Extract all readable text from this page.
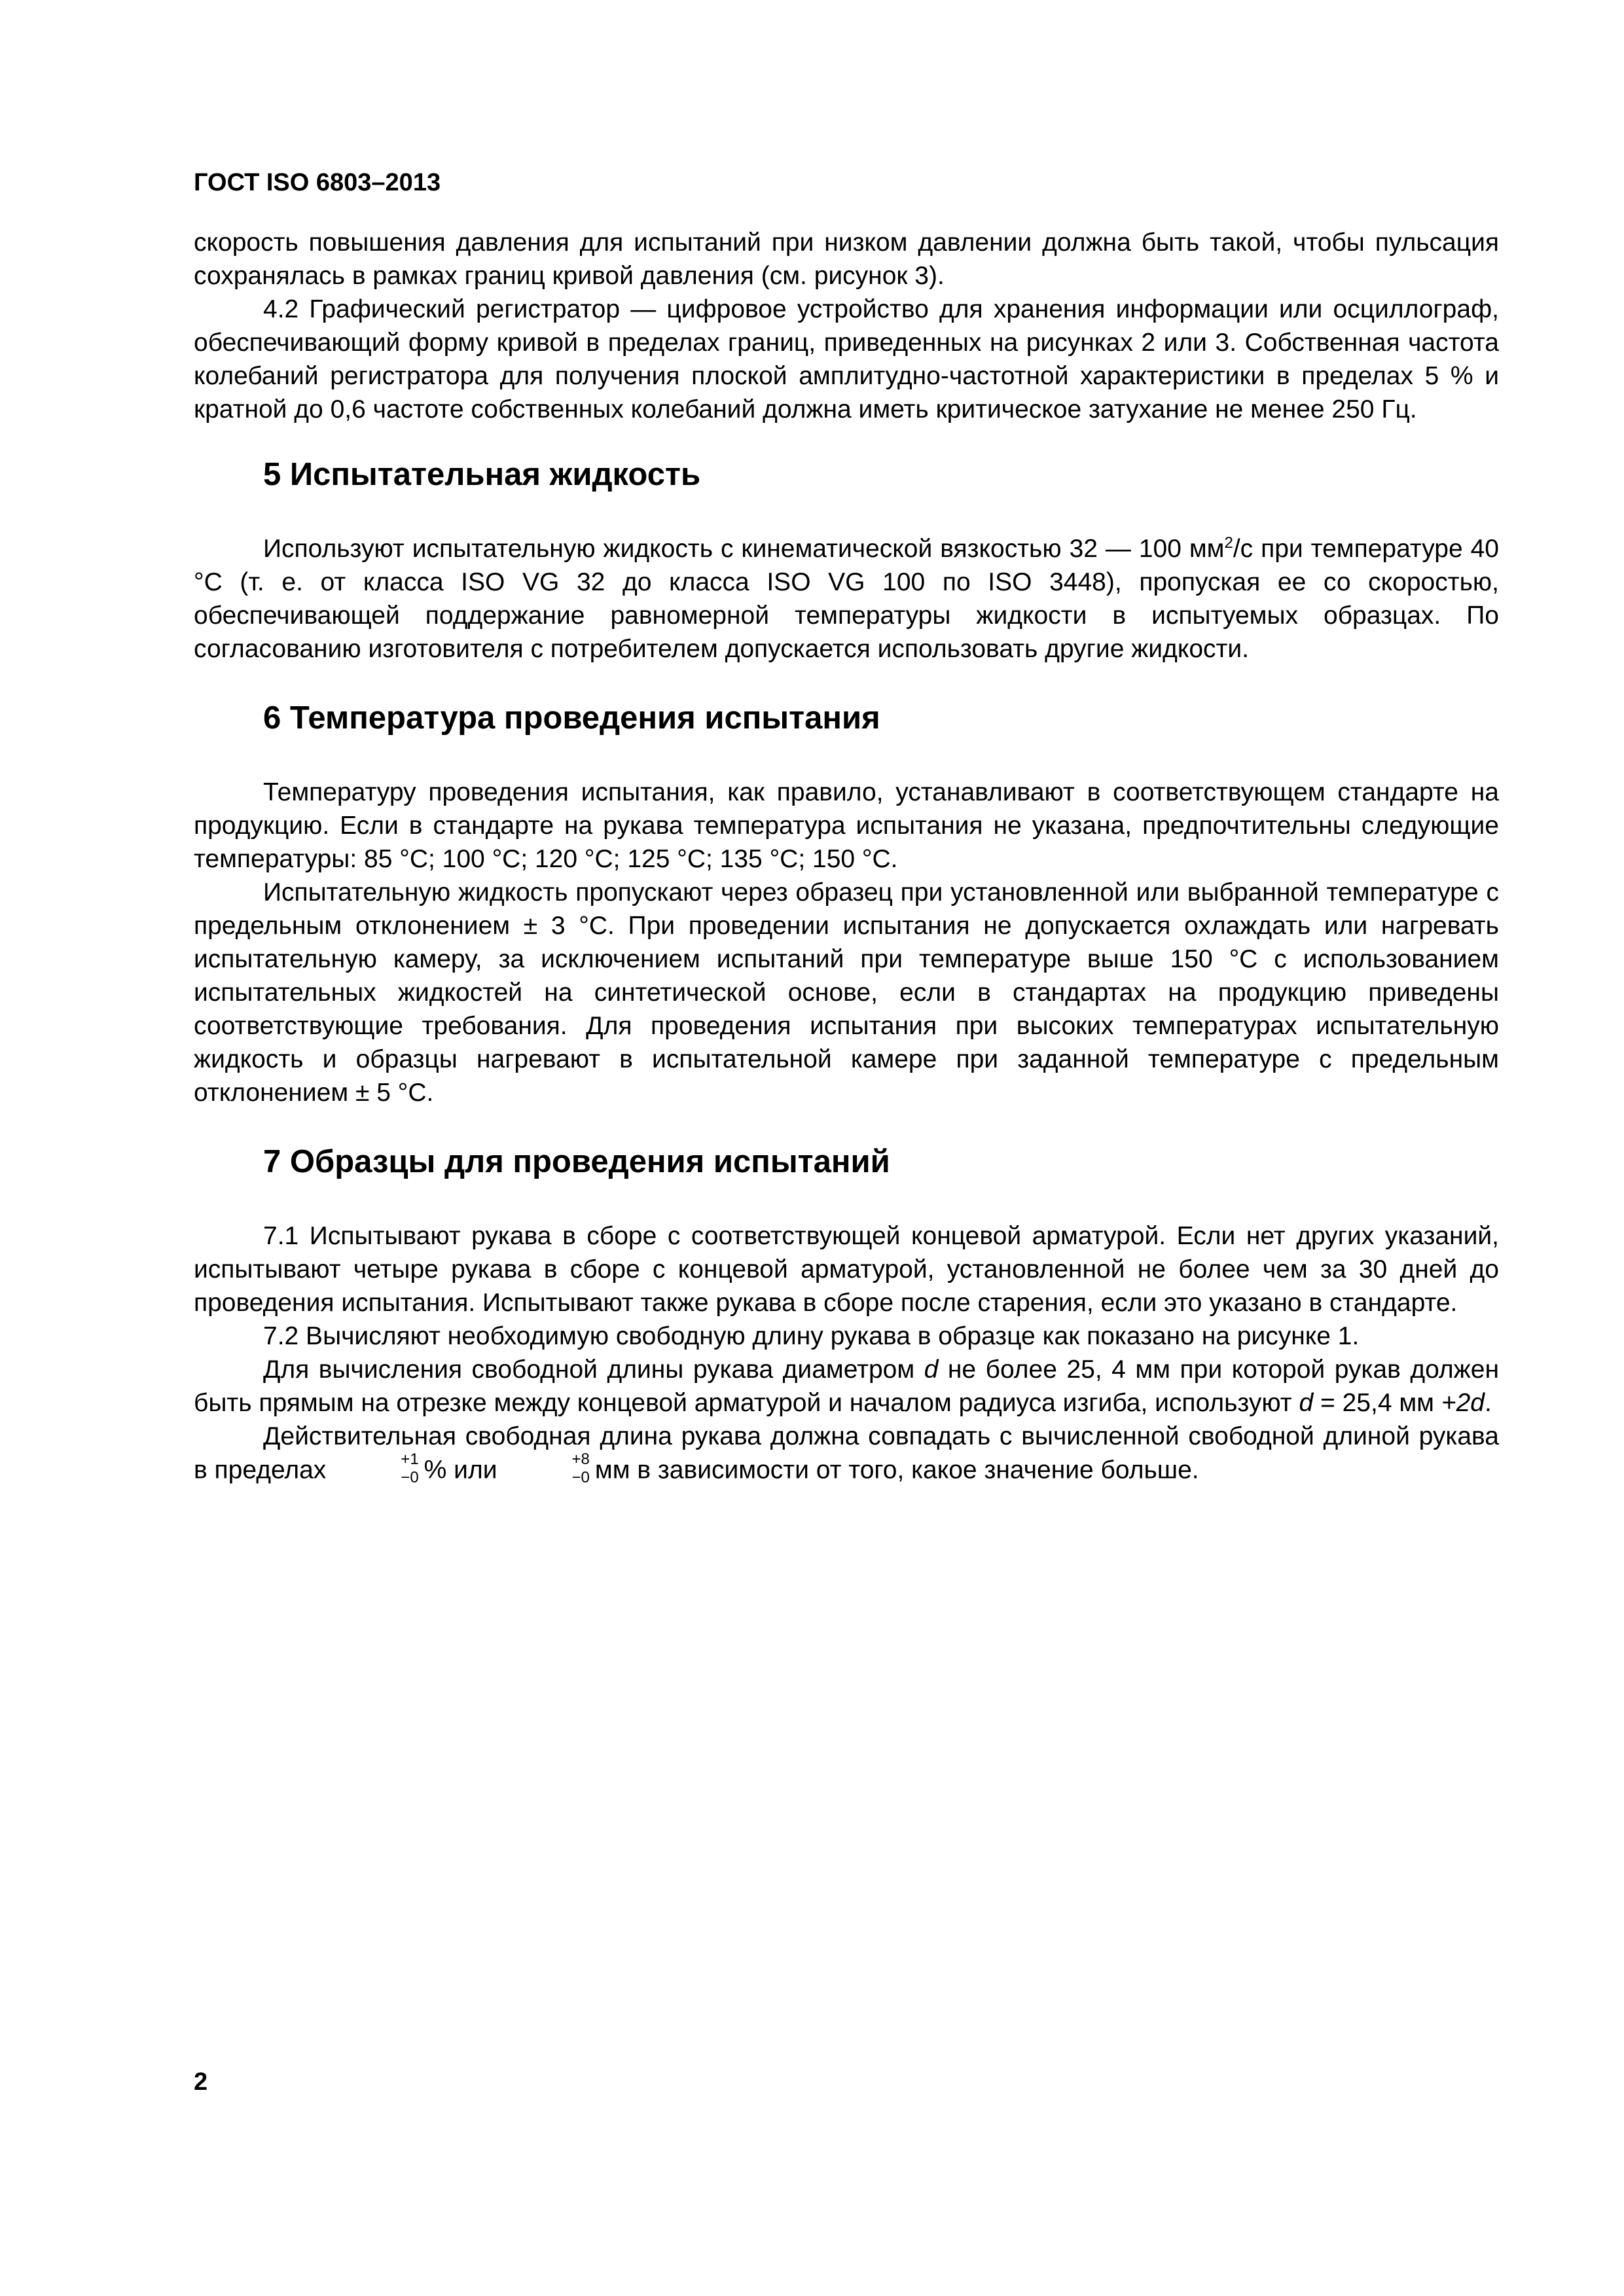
ГОСТ ISO 6803–2013

скорость повышения давления для испытаний при низком давлении должна быть такой, чтобы пульсация сохранялась в рамках границ кривой давления (см. рисунок 3).

4.2 Графический регистратор — цифровое устройство для хранения информации или осциллограф, обеспечивающий форму кривой в пределах границ, приведенных на рисунках 2 или 3. Собственная частота колебаний регистратора для получения плоской амплитудно-частотной характеристики в пределах 5 % и кратной до 0,6 частоте собственных колебаний должна иметь критическое затухание не менее 250 Гц.

5 Испытательная жидкость

Используют испытательную жидкость с кинематической вязкостью 32 — 100 $мм^2/с$ при температуре 40 °С (т. е. от класса ISO VG 32 до класса ISO VG 100 по ISO 3448), пропуская ее со скоростью, обеспечивающей поддержание равномерной температуры жидкости в испытуемых образцах. По согласованию изготовителя с потребителем допускается использовать другие жидкости.

6 Температура проведения испытания

Температуру проведения испытания, как правило, устанавливают в соответствующем стандарте на продукцию. Если в стандарте на рукава температура испытания не указана, предпочтительны следующие температуры: 85 °С; 100 °С; 120 °С; 125 °С; 135 °С; 150 °С.

Испытательную жидкость пропускают через образец при установленной или выбранной температуре с предельным отклонением ± 3 °С. При проведении испытания не допускается охлаждать или нагревать испытательную камеру, за исключением испытаний при температуре выше 150 °С с использованием испытательных жидкостей на синтетической основе, если в стандартах на продукцию приведены соответствующие требования. Для проведения испытания при высоких температурах испытательную жидкость и образцы нагревают в испытательной камере при заданной температуре с предельным отклонением ± 5 °С.

7 Образцы для проведения испытаний

7.1 Испытывают рукава в сборе с соответствующей концевой арматурой. Если нет других указаний, испытывают четыре рукава в сборе с концевой арматурой, установленной не более чем за 30 дней до проведения испытания. Испытывают также рукава в сборе после старения, если это указано в стандарте.

7.2 Вычисляют необходимую свободную длину рукава в образце как показано на рисунке 1.

Для вычисления свободной длины рукава диаметром d не более 25, 4 мм при которой рукав должен быть прямым на отрезке между концевой арматурой и началом радиуса изгиба, используют d = 25,4 мм +2d.

Действительная свободная длина рукава должна совпадать с вычисленной свободной длиной рукава в пределах	+1
−0 % или	+8
−0 мм в зависимости от того, какое значение больше.

2
